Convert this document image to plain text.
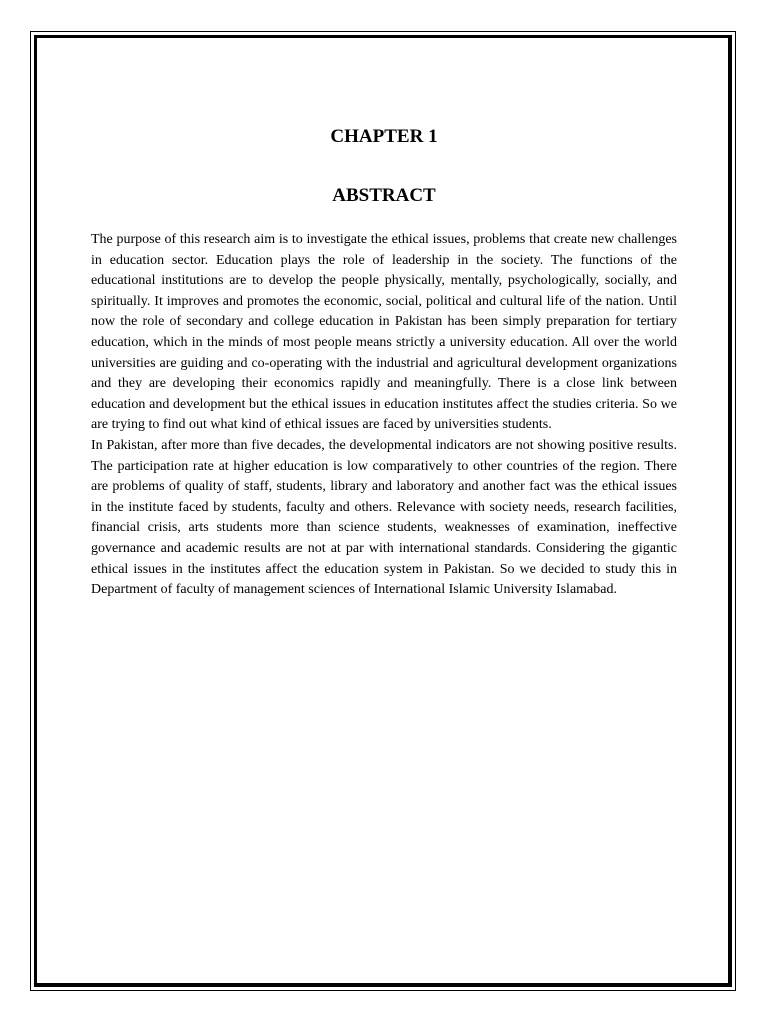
CHAPTER 1
ABSTRACT

The purpose of this research aim is to investigate the ethical issues, problems that create new challenges in education sector. Education plays the role of leadership in the society. The functions of the educational institutions are to develop the people physically, mentally, psychologically, socially, and spiritually. It improves and promotes the economic, social, political and cultural life of the nation. Until now the role of secondary and college education in Pakistan has been simply preparation for tertiary education, which in the minds of most people means strictly a university education. All over the world universities are guiding and co-operating with the industrial and agricultural development organizations and they are developing their economics rapidly and meaningfully. There is a close link between education and development but the ethical issues in education institutes affect the studies criteria. So we are trying to find out what kind of ethical issues are faced by universities students.

In Pakistan, after more than five decades, the developmental indicators are not showing positive results. The participation rate at higher education is low comparatively to other countries of the region. There are problems of quality of staff, students, library and laboratory and another fact was the ethical issues in the institute faced by students, faculty and others. Relevance with society needs, research facilities, financial crisis, arts students more than science students, weaknesses of examination, ineffective governance and academic results are not at par with international standards. Considering the gigantic ethical issues in the institutes affect the education system in Pakistan. So we decided to study this in Department of faculty of management sciences of International Islamic University Islamabad.
